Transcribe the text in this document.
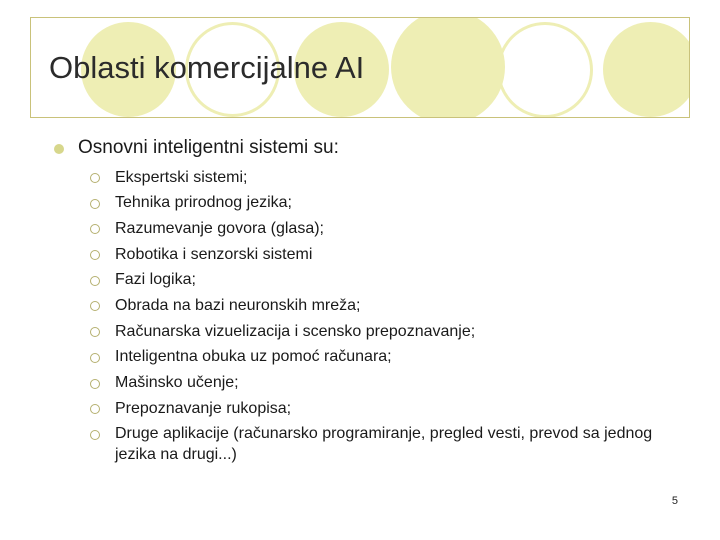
Oblasti komercijalne AI
Osnovni inteligentni sistemi su:
Ekspertski sistemi;
Tehnika prirodnog jezika;
Razumevanje govora (glasa);
Robotika i senzorski sistemi
Fazi logika;
Obrada na bazi neuronskih mreža;
Računarska vizuelizacija i scensko prepoznavanje;
Inteligentna obuka uz pomoć računara;
Mašinsko učenje;
Prepoznavanje rukopisa;
Druge aplikacije (računarsko programiranje, pregled vesti, prevod sa jednog jezika na drugi...)
5
